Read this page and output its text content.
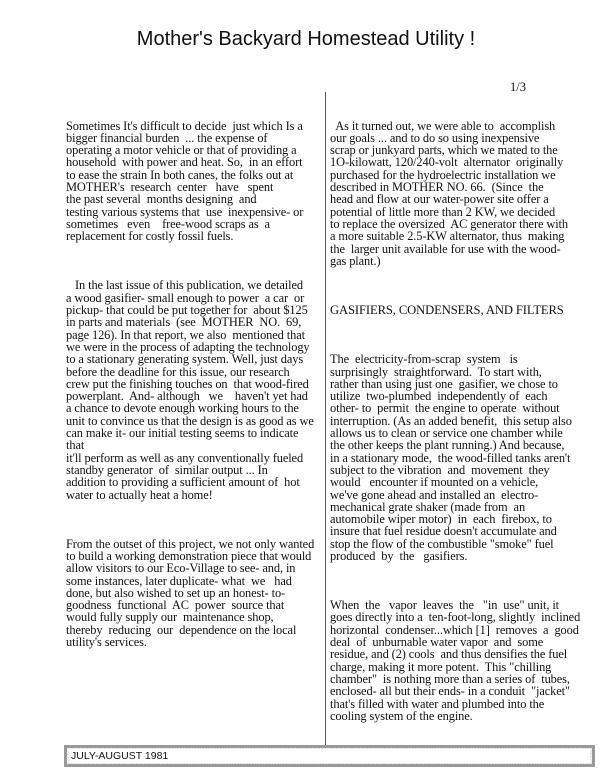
Mother's Backyard Homestead Utility !
1/3

Sometimes It's difficult to decide  just which Is a
bigger financial burden  ... the expense of
operating a motor vehicle or that of providing a
household  with power and heat. So,  in an effort
to ease the strain In both canes, the folks out at
MOTHER's  research  center   have   spent
the past several  months designing  and
testing various systems that  use  inexpensive- or
sometimes   even    free-wood scraps as  a
replacement for costly fossil fuels.

In the last issue of this publication, we detailed
a wood gasifier- small enough to power  a car  or
pickup- that could be put together for  about $125
in parts and materials  (see  MOTHER  NO.  69,
page 126). In that report, we also  mentioned that
we were in the process of adapting the technology
to a stationary generating system. Well, just days
before the deadline for this issue, our research
crew put the finishing touches on  that wood-fired
powerplant.  And- although   we    haven't yet had
a chance to devote enough working hours to the
unit to convince us that the design is as good as we
can make it- our initial testing seems to indicate
that
it'll perform as well as any conventionally fueled
standby generator  of  similar output ... In
addition to providing a sufficient amount of  hot
water to actually heat a home!

From the outset of this project, we not only wanted
to build a working demonstration piece that would
allow visitors to our Eco-Village to see- and, in
some instances, later duplicate- what  we   had
done, but also wished to set up an honest- to-
goodness  functional  AC  power  source that
would fully supply our  maintenance shop,
thereby  reducing  our  dependence on the local
utility's services.

As it turned out, we were able to  accomplish
our goals ... and to do so using inexpensive
scrap or junkyard parts, which we mated to the
1O-kilowatt, 120/240-volt  alternator  originally
purchased for the hydroelectric installation we
described in MOTHER NO. 66.  (Since  the
head and flow at our water-power site offer a
potential of little more than 2 KW, we decided
to replace the oversized  AC generator there with
a more suitable 2.5-KW alternator, thus  making
the  larger unit available for use with the wood-
gas plant.)

GASIFIERS, CONDENSERS, AND FILTERS

The  electricity-from-scrap  system   is
surprisingly  straightforward.  To start with,
rather than using just one  gasifier, we chose to
utilize  two-plumbed  independently of  each
other- to  permit  the engine to operate  without
interruption. (As an added benefit,  this setup also
allows us to clean or service one chamber while
the other keeps the plant running.) And because,
in a stationary mode,  the wood-filled tanks aren't
subject to the vibration  and  movement  they
would   encounter if mounted on a vehicle,
we've gone ahead and installed an  electro-
mechanical grate shaker (made from  an
automobile wiper motor)  in  each  firebox, to
insure that fuel residue doesn't accumulate and
stop the flow of the combustible "smoke" fuel
produced  by  the   gasifiers.

When  the   vapor  leaves  the   "in  use" unit, it
goes directly into a  ten-foot-long, slightly  inclined
horizontal  condenser...which [1]  removes  a  good
deal  of  unburnable water vapor  and  some
residue, and (2) cools  and thus densifies the fuel
charge, making it more potent.  This "chilling
chamber"  is nothing more than a series of  tubes,
enclosed- all but their ends- in a conduit  "jacket"
that's filled with water and plumbed into the
cooling system of the engine.

JULY-AUGUST 1981
